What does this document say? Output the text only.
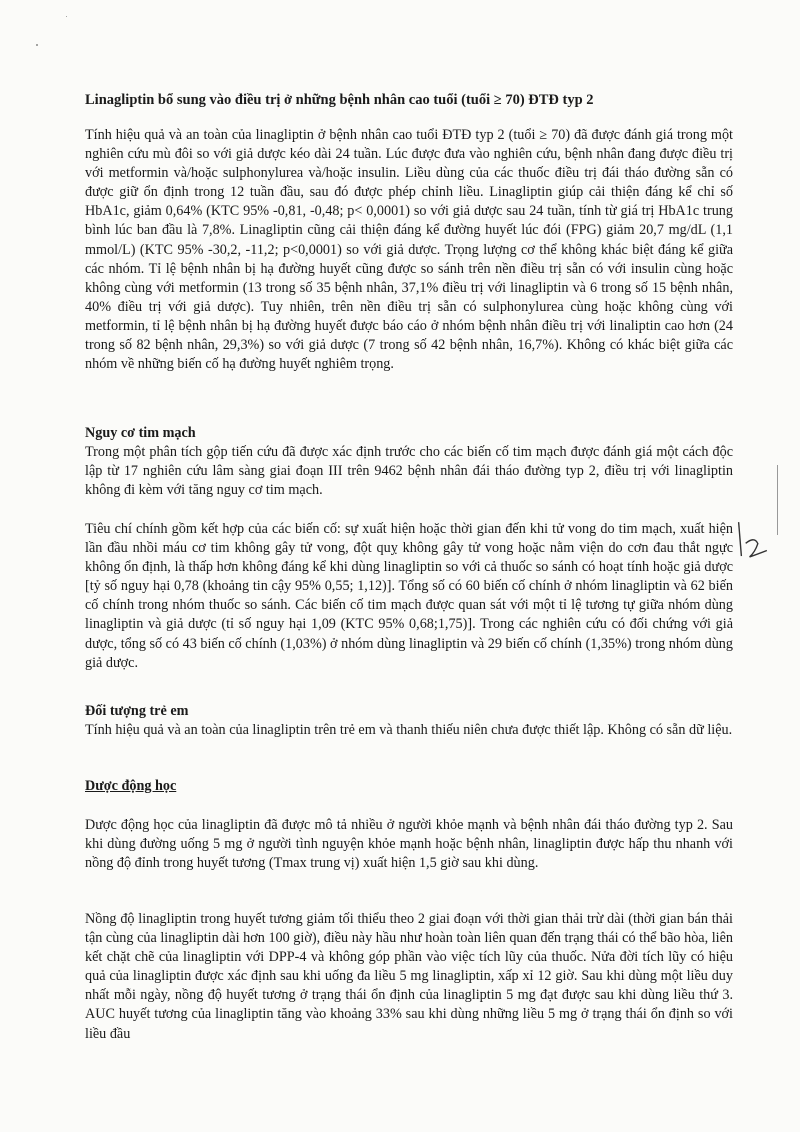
Linagliptin bổ sung vào điều trị ở những bệnh nhân cao tuổi (tuổi ≥ 70) ĐTĐ typ 2

Tính hiệu quả và an toàn của linagliptin ở bệnh nhân cao tuổi ĐTĐ typ 2 (tuổi ≥ 70) đã được đánh giá trong một nghiên cứu mù đôi so với giả dược kéo dài 24 tuần. Lúc được đưa vào nghiên cứu, bệnh nhân đang được điều trị với metformin và/hoặc sulphonylurea và/hoặc insulin. Liều dùng của các thuốc điều trị đái tháo đường sẵn có được giữ ổn định trong 12 tuần đầu, sau đó được phép chỉnh liều. Linagliptin giúp cải thiện đáng kể chỉ số HbA1c, giảm 0,64% (KTC 95% -0,81, -0,48; p< 0,0001) so với giả dược sau 24 tuần, tính từ giá trị HbA1c trung bình lúc ban đầu là 7,8%. Linagliptin cũng cải thiện đáng kể đường huyết lúc đói (FPG) giảm 20,7 mg/dL (1,1 mmol/L) (KTC 95% -30,2, -11,2; p<0,0001) so với giả dược. Trọng lượng cơ thể không khác biệt đáng kể giữa các nhóm. Tỉ lệ bệnh nhân bị hạ đường huyết cũng được so sánh trên nền điều trị sẵn có với insulin cùng hoặc không cùng với metformin (13 trong số 35 bệnh nhân, 37,1% điều trị với linagliptin và 6 trong số 15 bệnh nhân, 40% điều trị với giả dược). Tuy nhiên, trên nền điều trị sẵn có sulphonylurea cùng hoặc không cùng với metformin, tỉ lệ bệnh nhân bị hạ đường huyết được báo cáo ở nhóm bệnh nhân điều trị với linaliptin cao hơn (24 trong số 82 bệnh nhân, 29,3%) so với giả dược (7 trong số 42 bệnh nhân, 16,7%). Không có khác biệt giữa các nhóm về những biến cố hạ đường huyết nghiêm trọng.

Nguy cơ tim mạch

Trong một phân tích gộp tiến cứu đã được xác định trước cho các biến cố tim mạch được đánh giá một cách độc lập từ 17 nghiên cứu lâm sàng giai đoạn III trên 9462 bệnh nhân đái tháo đường typ 2, điều trị với linagliptin không đi kèm với tăng nguy cơ tim mạch.

Tiêu chí chính gồm kết hợp của các biến cố: sự xuất hiện hoặc thời gian đến khi tử vong do tim mạch, xuất hiện lần đầu nhồi máu cơ tim không gây tử vong, đột quỵ không gây tử vong hoặc nằm viện do cơn đau thắt ngực không ổn định, là thấp hơn không đáng kể khi dùng linagliptin so với cả thuốc so sánh có hoạt tính hoặc giả dược [tỷ số nguy hại 0,78 (khoảng tin cậy 95% 0,55; 1,12)]. Tổng số có 60 biến cố chính ở nhóm linagliptin và 62 biến cố chính trong nhóm thuốc so sánh. Các biến cố tim mạch được quan sát với một tỉ lệ tương tự giữa nhóm dùng linagliptin và giả dược (tỉ số nguy hại 1,09 (KTC 95% 0,68;1,75)]. Trong các nghiên cứu có đối chứng với giả dược, tổng số có 43 biến cố chính (1,03%) ở nhóm dùng linagliptin và 29 biến cố chính (1,35%) trong nhóm dùng giả dược.

Đối tượng trẻ em

Tính hiệu quả và an toàn của linagliptin trên trẻ em và thanh thiếu niên chưa được thiết lập. Không có sẵn dữ liệu.

Dược động học

Dược động học của linagliptin đã được mô tả nhiều ở người khỏe mạnh và bệnh nhân đái tháo đường typ 2. Sau khi dùng đường uống 5 mg ở người tình nguyện khỏe mạnh hoặc bệnh nhân, linagliptin được hấp thu nhanh với nồng độ đỉnh trong huyết tương (Tmax trung vị) xuất hiện 1,5 giờ sau khi dùng.

Nồng độ linagliptin trong huyết tương giảm tối thiểu theo 2 giai đoạn với thời gian thải trừ dài (thời gian bán thải tận cùng của linagliptin dài hơn 100 giờ), điều này hầu như hoàn toàn liên quan đến trạng thái có thể bão hòa, liên kết chặt chẽ của linagliptin với DPP-4 và không góp phần vào việc tích lũy của thuốc. Nửa đời tích lũy có hiệu quả của linagliptin được xác định sau khi uống đa liều 5 mg linagliptin, xấp xỉ 12 giờ. Sau khi dùng một liều duy nhất mỗi ngày, nồng độ huyết tương ở trạng thái ổn định của linagliptin 5 mg đạt được sau khi dùng liều thứ 3. AUC huyết tương của linagliptin tăng vào khoảng 33% sau khi dùng những liều 5 mg ở trạng thái ổn định so với liều đầu
